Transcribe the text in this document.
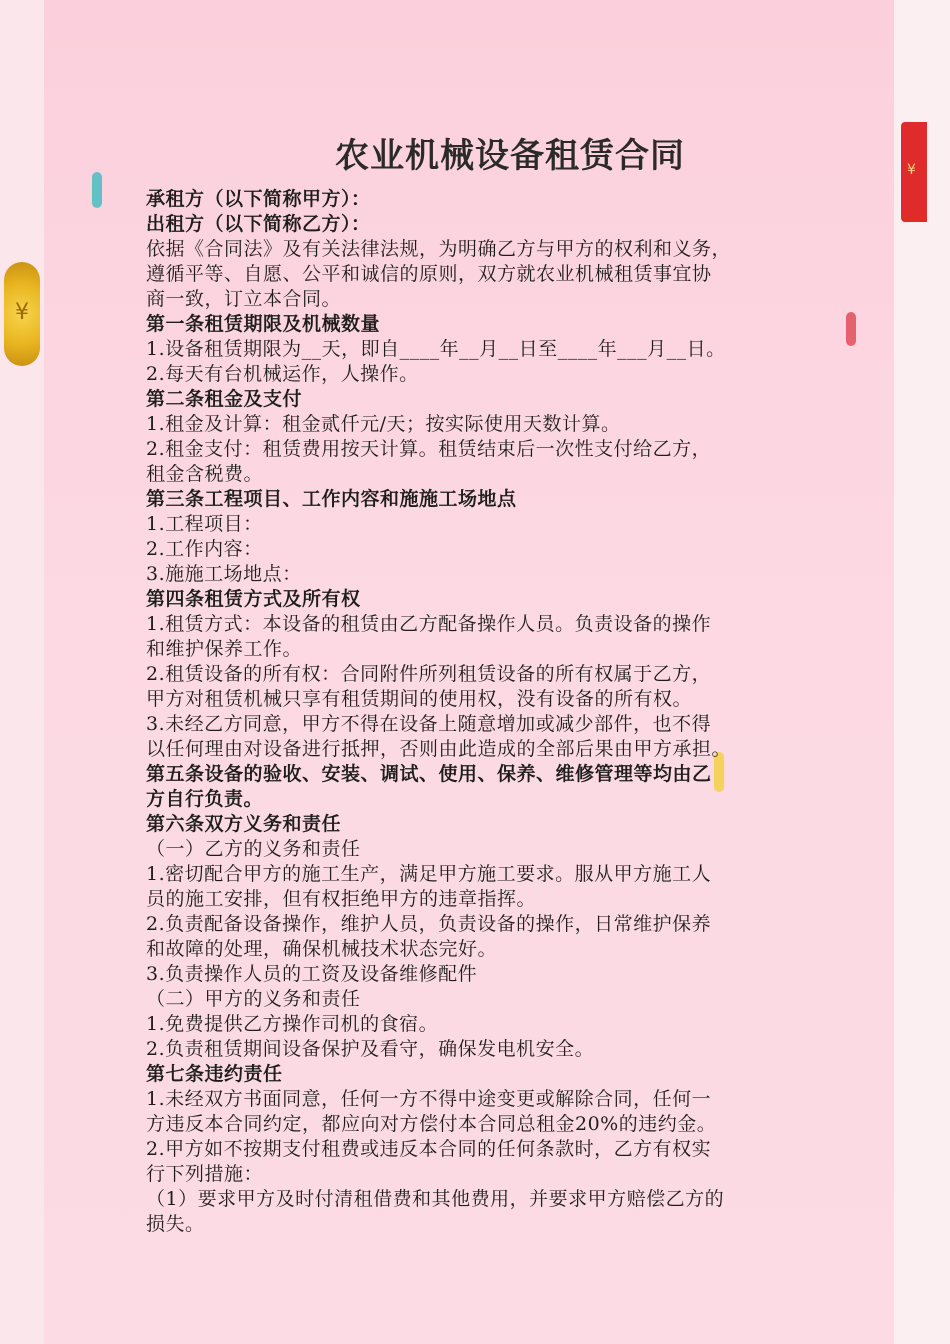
¥
¥
农业机械设备租赁合同

承租方（以下简称甲方）：

出租方（以下简称乙方）：

依据《合同法》及有关法律法规，为明确乙方与甲方的权利和义务，

遵循平等、自愿、公平和诚信的原则，双方就农业机械租赁事宜协

商一致，订立本合同。

第一条租赁期限及机械数量

1.设备租赁期限为__天，即自____年__月__日至____年___月__日。

2.每天有台机械运作，人操作。

第二条租金及支付

1.租金及计算：租金贰仟元/天；按实际使用天数计算。

2.租金支付：租赁费用按天计算。租赁结束后一次性支付给乙方，

租金含税费。

第三条工程项目、工作内容和施施工场地点

1.工程项目：

2.工作内容：

3.施施工场地点：

第四条租赁方式及所有权

1.租赁方式：本设备的租赁由乙方配备操作人员。负责设备的操作

和维护保养工作。

2.租赁设备的所有权：合同附件所列租赁设备的所有权属于乙方，

甲方对租赁机械只享有租赁期间的使用权，没有设备的所有权。

3.未经乙方同意，甲方不得在设备上随意增加或减少部件，也不得

以任何理由对设备进行抵押，否则由此造成的全部后果由甲方承担。

第五条设备的验收、安装、调试、使用、保养、维修管理等均由乙

方自行负责。

第六条双方义务和责任

（一）乙方的义务和责任

1.密切配合甲方的施工生产，满足甲方施工要求。服从甲方施工人

员的施工安排，但有权拒绝甲方的违章指挥。

2.负责配备设备操作，维护人员，负责设备的操作，日常维护保养

和故障的处理，确保机械技术状态完好。

3.负责操作人员的工资及设备维修配件

（二）甲方的义务和责任

1.免费提供乙方操作司机的食宿。

2.负责租赁期间设备保护及看守，确保发电机安全。

第七条违约责任

1.未经双方书面同意，任何一方不得中途变更或解除合同，任何一

方违反本合同约定，都应向对方偿付本合同总租金20%的违约金。

2.甲方如不按期支付租费或违反本合同的任何条款时，乙方有权实

行下列措施：

（1）要求甲方及时付清租借费和其他费用，并要求甲方赔偿乙方的

损失。
